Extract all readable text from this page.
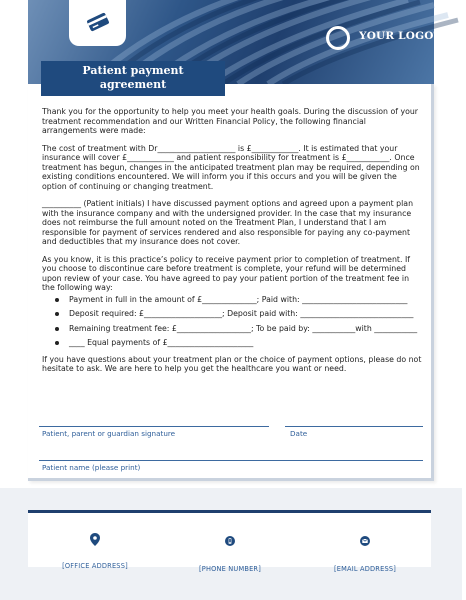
YOUR LOGOTYPE
Patient payment
agreement

Thank you for the opportunity to help you meet your health goals. During the discussion of your treatment recommendation and our Written Financial Policy, the following financial arrangements were made:

The cost of treatment with Dr____________________ is £____________. It is estimated that your insurance will cover £____________ and patient responsibility for treatment is £___________. Once treatment has begun, changes in the anticipated treatment plan may be required, depending on existing conditions encountered. We will inform you if this occurs and you will be given the option of continuing or changing treatment.

__________ (Patient initials) I have discussed payment options and agreed upon a payment plan with the insurance company and with the undersigned provider. In the case that my insurance does not reimburse the full amount noted on the Treatment Plan, I understand that I am responsible for payment of services rendered and also responsible for paying any co-payment and deductibles that my insurance does not cover.

As you know, it is this practice’s policy to receive payment prior to completion of treatment. If you choose to discontinue care before treatment is complete, your refund will be determined upon review of your case. You have agreed to pay your patient portion of the treatment fee in the following way:

Payment in full in the amount of £______________; Paid with: ___________________________
Deposit required: £____________________; Deposit paid with: _____________________________
Remaining treatment fee: £___________________; To be paid by: ___________with ___________
____ Equal payments of £______________________

If you have questions about your treatment plan or the choice of payment options, please do not hesitate to ask. We are here to help you get the healthcare you want or need.

Patient, parent or guardian signature	Date
Patient name (please print)
[OFFICE ADDRESS]	[PHONE NUMBER]	[EMAIL ADDRESS]
